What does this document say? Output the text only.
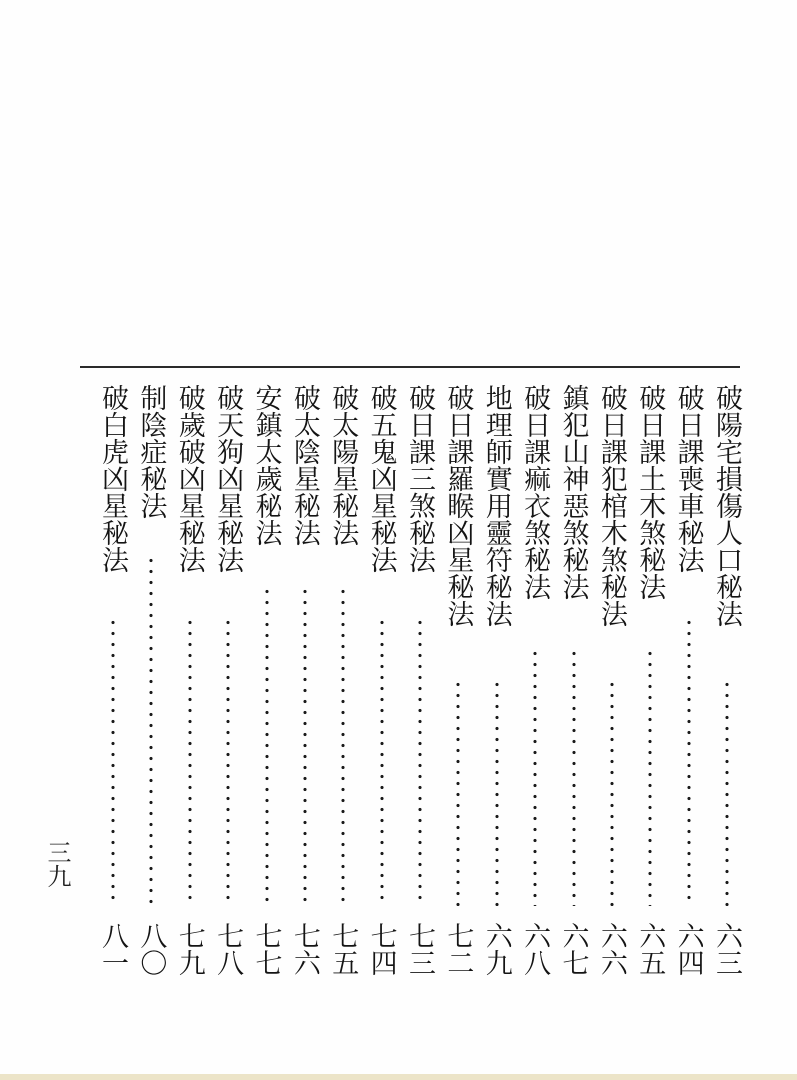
破陽宅損傷人口秘法
六三
破日課喪車秘法
六四
破日課土木煞秘法
六五
破日課犯棺木煞秘法
六六
鎮犯山神惡煞秘法
六七
破日課痲衣煞秘法
六八
地理師實用靈符秘法
六九
破日課羅睺凶星秘法
七二
破日課三煞秘法
七三
破五鬼凶星秘法
七四
破太陽星秘法
七五
破太陰星秘法
七六
安鎮太歲秘法
七七
破天狗凶星秘法
七八
破歲破凶星秘法
七九
制陰症秘法
八〇
破白虎凶星秘法
八一
三九
